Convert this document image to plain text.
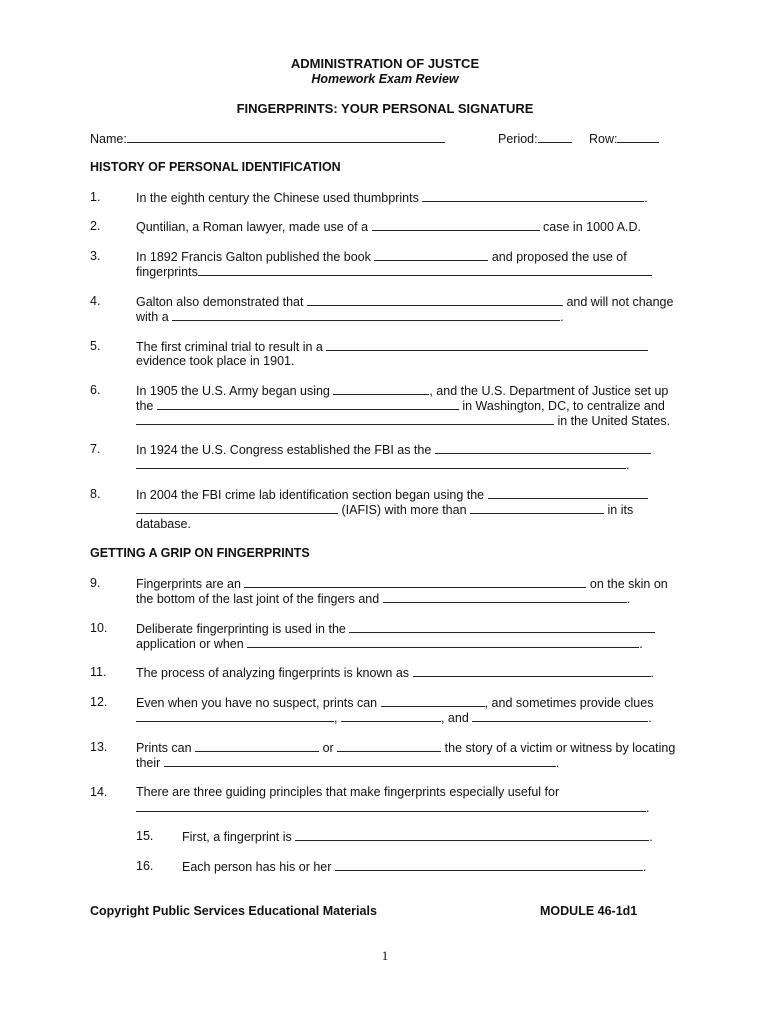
ADMINISTRATION OF JUSTCE
Homework Exam Review
FINGERPRINTS: YOUR PERSONAL SIGNATURE
Name:	Period:	Row:
HISTORY OF PERSONAL IDENTIFICATION
1.	In the eighth century the Chinese used thumbprints	.
2.	Quntilian, a Roman lawyer, made use of a	case in 1000 A.D.
3.	In 1892 Francis Galton published the book	and proposed the use of
fingerprints
4.	Galton also demonstrated that	and will not change
with a	.
5.	The first criminal trial to result in a
evidence took place in 1901.
6.	In 1905 the U.S. Army began using	, and the U.S. Department of Justice set up
the	in Washington, DC, to centralize and
in the United States.
7.	In 1924 the U.S. Congress established the FBI as the
.
8.	In 2004 the FBI crime lab identification section began using the
(IAFIS) with more than	in its
database.
GETTING A GRIP ON FINGERPRINTS
9.	Fingerprints are an	on the skin on
the bottom of the last joint of the fingers and	.
10.	Deliberate fingerprinting is used in the
application or when	.
11.	The process of analyzing fingerprints is known as	.
12.	Even when you have no suspect, prints can	, and sometimes provide clues
,	, and	.
13.	Prints can	or	the story of a victim or witness by locating
their	.
14.	There are three guiding principles that make fingerprints especially useful for
.
15. First, a fingerprint is	.
16. Each person has his or her	.
Copyright Public Services Educational Materials	MODULE 46-1d1
1
